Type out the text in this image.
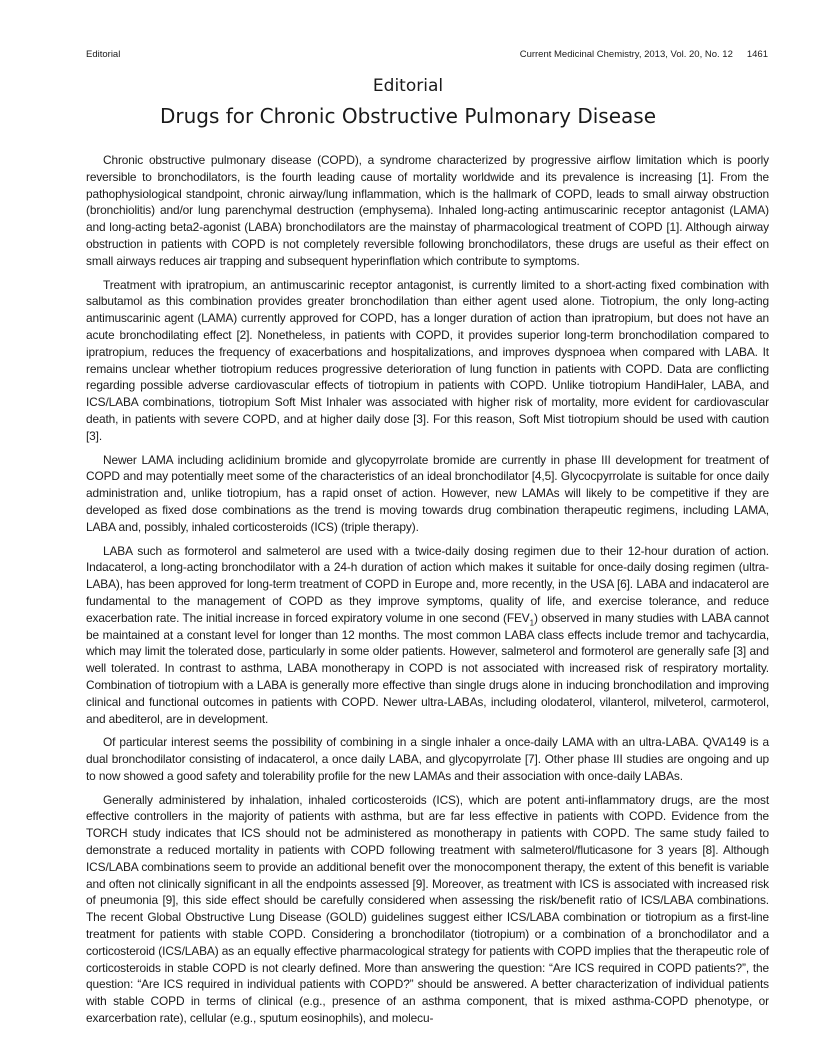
Editorial	Current Medicinal Chemistry, 2013, Vol. 20, No. 12 1461
Editorial
Drugs for Chronic Obstructive Pulmonary Disease

Chronic obstructive pulmonary disease (COPD), a syndrome characterized by progressive airflow limitation which is poorly reversible to bronchodilators, is the fourth leading cause of mortality worldwide and its prevalence is increasing [1]. From the pathophysiological standpoint, chronic airway/lung inflammation, which is the hallmark of COPD, leads to small airway obstruction (bronchiolitis) and/or lung parenchymal destruction (emphysema). Inhaled long-acting antimuscarinic receptor antagonist (LAMA) and long-acting beta2-agonist (LABA) bronchodilators are the mainstay of pharmacological treatment of COPD [1]. Although airway obstruction in patients with COPD is not completely reversible following bronchodilators, these drugs are useful as their effect on small airways reduces air trapping and subsequent hyperinflation which contribute to symptoms.

Treatment with ipratropium, an antimuscarinic receptor antagonist, is currently limited to a short-acting fixed combination with salbutamol as this combination provides greater bronchodilation than either agent used alone. Tiotropium, the only long-acting antimuscarinic agent (LAMA) currently approved for COPD, has a longer duration of action than ipratropium, but does not have an acute bronchodilating effect [2]. Nonetheless, in patients with COPD, it provides superior long-term bronchodilation compared to ipratropium, reduces the frequency of exacerbations and hospitalizations, and improves dyspnoea when compared with LABA. It remains unclear whether tiotropium reduces progressive deterioration of lung function in patients with COPD. Data are conflicting regarding possible adverse cardiovascular effects of tiotropium in patients with COPD. Unlike tiotropium HandiHaler, LABA, and ICS/LABA combinations, tiotropium Soft Mist Inhaler was associated with higher risk of mortality, more evident for cardiovascular death, in patients with severe COPD, and at higher daily dose [3]. For this reason, Soft Mist tiotropium should be used with caution [3].

Newer LAMA including aclidinium bromide and glycopyrrolate bromide are currently in phase III development for treatment of COPD and may potentially meet some of the characteristics of an ideal bronchodilator [4,5]. Glycocpyrrolate is suitable for once daily administration and, unlike tiotropium, has a rapid onset of action. However, new LAMAs will likely to be competitive if they are developed as fixed dose combinations as the trend is moving towards drug combination therapeutic regimens, including LAMA, LABA and, possibly, inhaled corticosteroids (ICS) (triple therapy).

LABA such as formoterol and salmeterol are used with a twice-daily dosing regimen due to their 12-hour duration of action. Indacaterol, a long-acting bronchodilator with a 24-h duration of action which makes it suitable for once-daily dosing regimen (ultra-LABA), has been approved for long-term treatment of COPD in Europe and, more recently, in the USA [6]. LABA and indacaterol are fundamental to the management of COPD as they improve symptoms, quality of life, and exercise tolerance, and reduce exacerbation rate. The initial increase in forced expiratory volume in one second $(FEV_1)$ observed in many studies with LABA cannot be maintained at a constant level for longer than 12 months. The most common LABA class effects include tremor and tachycardia, which may limit the tolerated dose, particularly in some older patients. However, salmeterol and formoterol are generally safe [3] and well tolerated. In contrast to asthma, LABA monotherapy in COPD is not associated with increased risk of respiratory mortality. Combination of tiotropium with a LABA is generally more effective than single drugs alone in inducing bronchodilation and improving clinical and functional outcomes in patients with COPD. Newer ultra-LABAs, including olodaterol, vilanterol, milveterol, carmoterol, and abediterol, are in development.

Of particular interest seems the possibility of combining in a single inhaler a once-daily LAMA with an ultra-LABA. QVA149 is a dual bronchodilator consisting of indacaterol, a once daily LABA, and glycopyrrolate [7]. Other phase III studies are ongoing and up to now showed a good safety and tolerability profile for the new LAMAs and their association with once-daily LABAs.

Generally administered by inhalation, inhaled corticosteroids (ICS), which are potent anti-inflammatory drugs, are the most effective controllers in the majority of patients with asthma, but are far less effective in patients with COPD. Evidence from the TORCH study indicates that ICS should not be administered as monotherapy in patients with COPD. The same study failed to demonstrate a reduced mortality in patients with COPD following treatment with salmeterol/fluticasone for 3 years [8]. Although ICS/LABA combinations seem to provide an additional benefit over the monocomponent therapy, the extent of this benefit is variable and often not clinically significant in all the endpoints assessed [9]. Moreover, as treatment with ICS is associated with increased risk of pneumonia [9], this side effect should be carefully considered when assessing the risk/benefit ratio of ICS/LABA combinations. The recent Global Obstructive Lung Disease (GOLD) guidelines suggest either ICS/LABA combination or tiotropium as a first-line treatment for patients with stable COPD. Considering a bronchodilator (tiotropium) or a combination of a bronchodilator and a corticosteroid (ICS/LABA) as an equally effective pharmacological strategy for patients with COPD implies that the therapeutic role of corticosteroids in stable COPD is not clearly defined. More than answering the question: “Are ICS required in COPD patients?”, the question: “Are ICS required in individual patients with COPD?” should be answered. A better characterization of individual patients with stable COPD in terms of clinical (e.g., presence of an asthma component, that is mixed asthma-COPD phenotype, or exarcerbation rate), cellular (e.g., sputum eosinophils), and molecu-
